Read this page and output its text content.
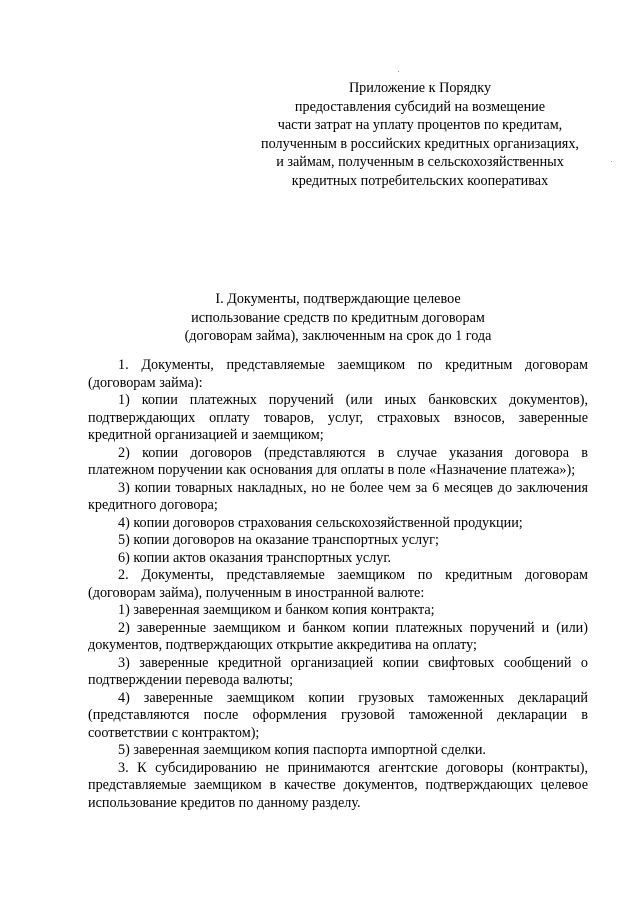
Приложение к Порядку
предоставления субсидий на возмещение
части затрат на уплату процентов по кредитам,
полученным в российских кредитных организациях,
и займам, полученным в сельскохозяйственных
кредитных потребительских кооперативах
I. Документы, подтверждающие целевое
использование средств по кредитным договорам
(договорам займа), заключенным на срок до 1 года

1. Документы, представляемые заемщиком по кредитным договорам (договорам займа):

1) копии платежных поручений (или иных банковских документов), подтверждающих оплату товаров, услуг, страховых взносов, заверенные кредитной организацией и заемщиком;

2) копии договоров (представляются в случае указания договора в платежном поручении как основания для оплаты в поле «Назначение платежа»);

3) копии товарных накладных, но не более чем за 6 месяцев до заключения кредитного договора;

4) копии договоров страхования сельскохозяйственной продукции;

5) копии договоров на оказание транспортных услуг;

6) копии актов оказания транспортных услуг.

2. Документы, представляемые заемщиком по кредитным договорам (договорам займа), полученным в иностранной валюте:

1) заверенная заемщиком и банком копия контракта;

2) заверенные заемщиком и банком копии платежных поручений и (или) документов, подтверждающих открытие аккредитива на оплату;

3) заверенные кредитной организацией копии свифтовых сообщений о подтверждении перевода валюты;

4) заверенные заемщиком копии грузовых таможенных деклараций (представляются после оформления грузовой таможенной декларации в соответствии с контрактом);

5) заверенная заемщиком копия паспорта импортной сделки.

3. К субсидированию не принимаются агентские договоры (контракты), представляемые заемщиком в качестве документов, подтверждающих целевое использование кредитов по данному разделу.
